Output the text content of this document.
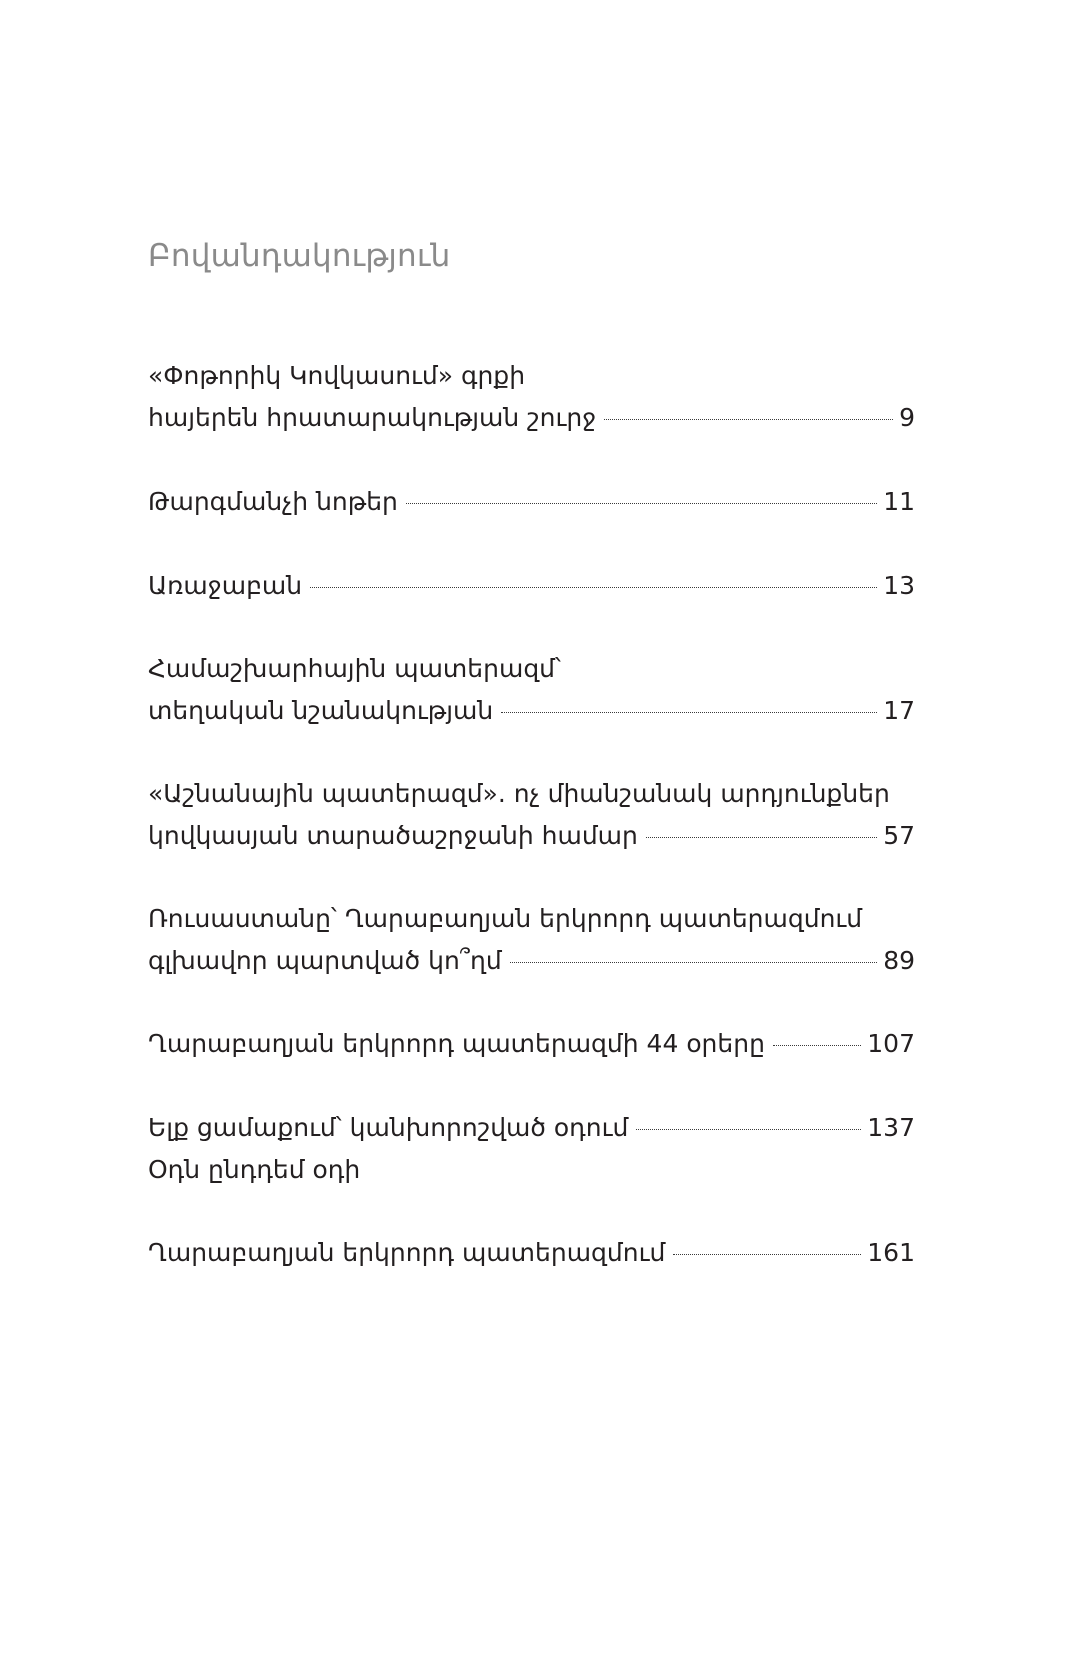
Բովանդակություն
«Փոթորիկ Կովկասում» գրքի
հայերեն հրատարակության շուրջ	9
Թարգմանչի նոթեր	11
Առաջաբան	13
Համաշխարհային պատերազմ՝
տեղական նշանակության	17
«Աշնանային պատերազմ». ոչ միանշանակ արդյունքներ
կովկասյան տարածաշրջանի համար	57
Ռուսաստանը՝ Ղարաբաղյան երկրորդ պատերազմում
գլխավոր պարտված կո՞ղմ	89
Ղարաբաղյան երկրորդ պատերազմի 44 օրերը	107
Ելք ցամաքում՝ կանխորոշված օդում	137
Օդն ընդդեմ օդի
Ղարաբաղյան երկրորդ պատերազմում	161
